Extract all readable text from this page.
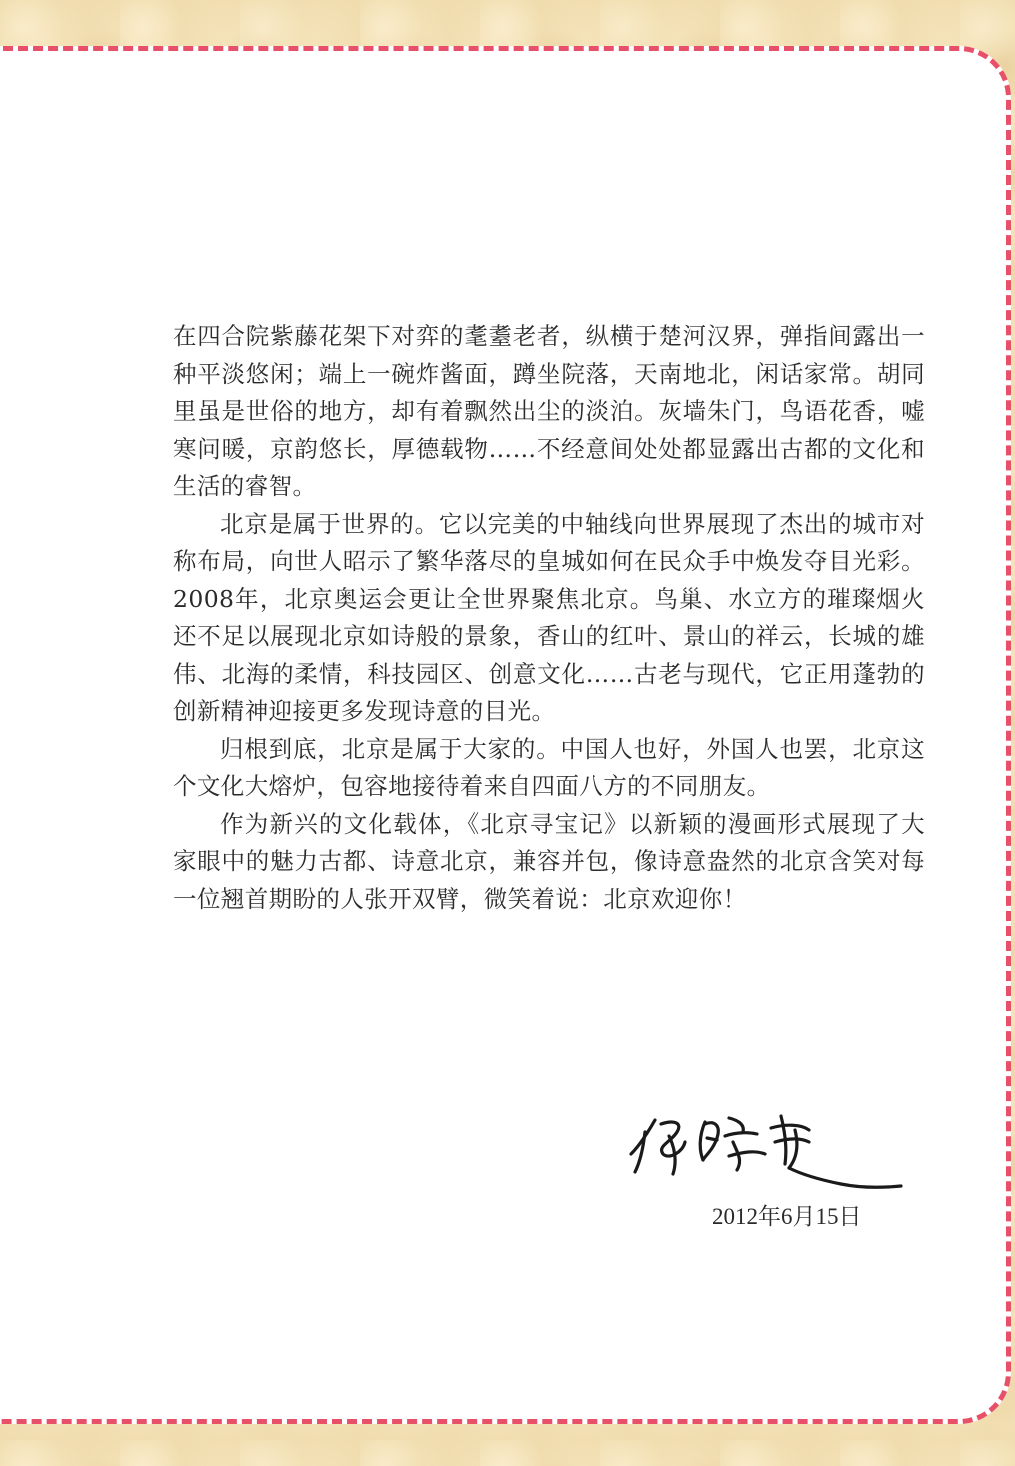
在四合院紫藤花架下对弈的耄耋老者，纵横于楚河汉界，弹指间露出一种平淡悠闲；端上一碗炸酱面，蹲坐院落，天南地北，闲话家常。胡同里虽是世俗的地方，却有着飘然出尘的淡泊。灰墙朱门，鸟语花香，嘘寒问暖，京韵悠长，厚德载物……不经意间处处都显露出古都的文化和生活的睿智。

北京是属于世界的。它以完美的中轴线向世界展现了杰出的城市对称布局，向世人昭示了繁华落尽的皇城如何在民众手中焕发夺目光彩。2008年，北京奥运会更让全世界聚焦北京。鸟巢、水立方的璀璨烟火还不足以展现北京如诗般的景象，香山的红叶、景山的祥云，长城的雄伟、北海的柔情，科技园区、创意文化……古老与现代，它正用蓬勃的创新精神迎接更多发现诗意的目光。

归根到底，北京是属于大家的。中国人也好，外国人也罢，北京这个文化大熔炉，包容地接待着来自四面八方的不同朋友。

作为新兴的文化载体，《北京寻宝记》以新颖的漫画形式展现了大家眼中的魅力古都、诗意北京，兼容并包，像诗意盎然的北京含笑对每一位翘首期盼的人张开双臂，微笑着说：北京欢迎你！

2012年6月15日
